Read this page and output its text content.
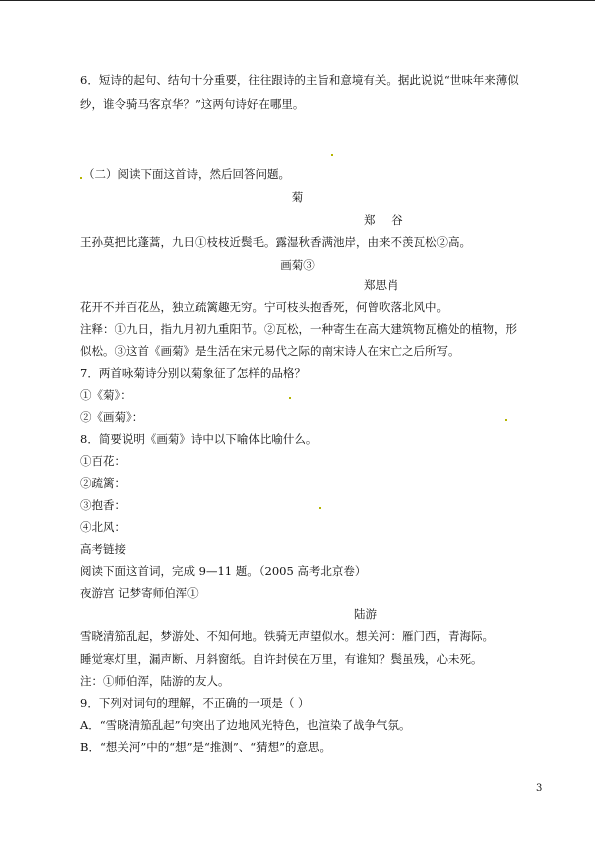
6．短诗的起句、结句十分重要，往往跟诗的主旨和意境有关。据此说说“世味年来薄似
纱，谁令骑马客京华？”这两句诗好在哪里。
（二）阅读下面这首诗，然后回答问题。
菊
郑 谷
王孙莫把比蓬蒿，九日①枝枝近鬓毛。露湿秋香满池岸，由来不羡瓦松②高。
画菊③
郑思肖
花开不并百花丛，独立疏篱趣无穷。宁可枝头抱香死，何曾吹落北风中。
注释：①九日，指九月初九重阳节。②瓦松，一种寄生在高大建筑物瓦檐处的植物，形
似松。③这首《画菊》是生活在宋元易代之际的南宋诗人在宋亡之后所写。
7．两首咏菊诗分别以菊象征了怎样的品格？
①《菊》：
②《画菊》：
8．简要说明《画菊》诗中以下喻体比喻什么。
①百花：
②疏篱：
③抱香：
④北风：
高考链接
阅读下面这首词，完成 9—11 题。（2005 高考北京卷）
夜游宫 记梦寄师伯浑①
陆游
雪晓清笳乱起，梦游处、不知何地。铁骑无声望似水。想关河：雁门西，青海际。
睡觉寒灯里，漏声断、月斜窗纸。自许封侯在万里，有谁知？鬓虽残，心未死。
注：①师伯浑，陆游的友人。
9．下列对词句的理解，不正确的一项是（ ）
A．“雪晓清笳乱起”句突出了边地风光特色，也渲染了战争气氛。
B．“想关河”中的“想”是“推测”、“猜想”的意思。
3
